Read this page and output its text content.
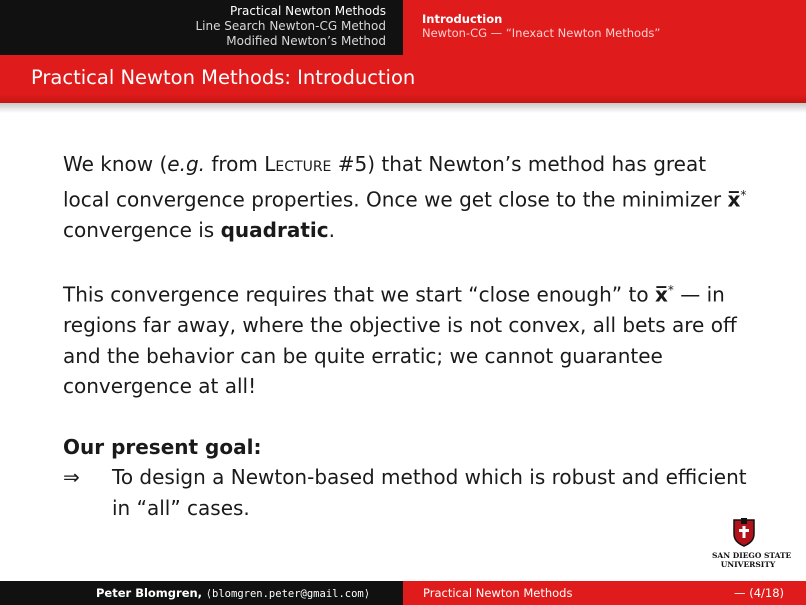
Practical Newton Methods
Line Search Newton-CG Method
Modified Newton’s Method
Introduction
Newton-CG — “Inexact Newton Methods”
Practical Newton Methods: Introduction

We know (e.g. from Lecture #5) that Newton’s method has great local convergence properties. Once we get close to the minimizer x̅* convergence is quadratic.

This convergence requires that we start “close enough” to x̅* — in regions far away, where the objective is not convex, all bets are off and the behavior can be quite erratic; we cannot guarantee convergence at all!

Our present goal:
⇒ To design a Newton-based method which is robust and efficient in “all” cases.
SAN DIEGO STATE
UNIVERSITY
Peter Blomgren, ⟨blomgren.peter@gmail.com⟩	Practical Newton Methods	— (4/18)
